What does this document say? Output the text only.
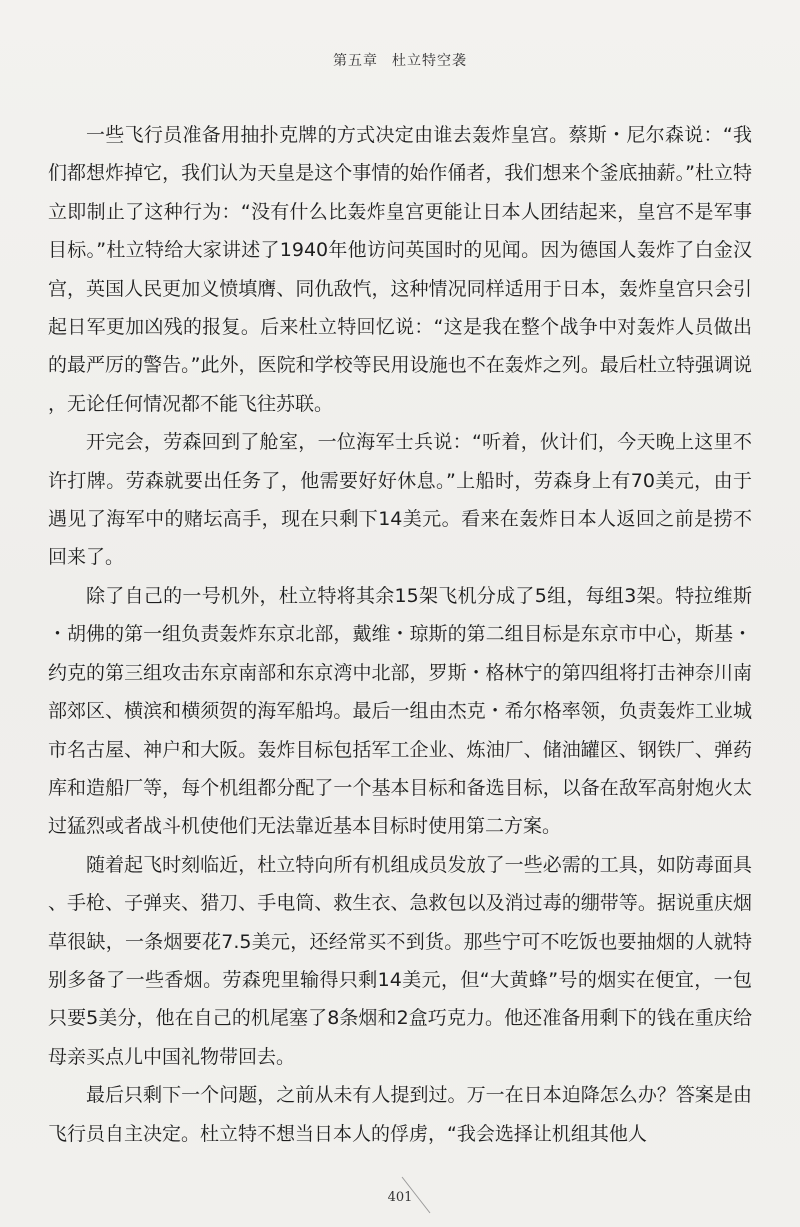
第五章 杜立特空袭

一些飞行员准备用抽扑克牌的方式决定由谁去轰炸皇宫。蔡斯・尼尔森说：“我们都想炸掉它，我们认为天皇是这个事情的始作俑者，我们想来个釜底抽薪。”杜立特立即制止了这种行为：“没有什么比轰炸皇宫更能让日本人团结起来，皇宫不是军事目标。”杜立特给大家讲述了1940年他访问英国时的见闻。因为德国人轰炸了白金汉宫，英国人民更加义愤填膺、同仇敌忾，这种情况同样适用于日本，轰炸皇宫只会引起日军更加凶残的报复。后来杜立特回忆说：“这是我在整个战争中对轰炸人员做出的最严厉的警告。”此外，医院和学校等民用设施也不在轰炸之列。最后杜立特强调说，无论任何情况都不能飞往苏联。

开完会，劳森回到了舱室，一位海军士兵说：“听着，伙计们，今天晚上这里不许打牌。劳森就要出任务了，他需要好好休息。”上船时，劳森身上有70美元，由于遇见了海军中的赌坛高手，现在只剩下14美元。看来在轰炸日本人返回之前是捞不回来了。

除了自己的一号机外，杜立特将其余15架飞机分成了5组，每组3架。特拉维斯・胡佛的第一组负责轰炸东京北部，戴维・琼斯的第二组目标是东京市中心，斯基・约克的第三组攻击东京南部和东京湾中北部，罗斯・格林宁的第四组将打击神奈川南部郊区、横滨和横须贺的海军船坞。最后一组由杰克・希尔格率领，负责轰炸工业城市名古屋、神户和大阪。轰炸目标包括军工企业、炼油厂、储油罐区、钢铁厂、弹药库和造船厂等，每个机组都分配了一个基本目标和备选目标，以备在敌军高射炮火太过猛烈或者战斗机使他们无法靠近基本目标时使用第二方案。

随着起飞时刻临近，杜立特向所有机组成员发放了一些必需的工具，如防毒面具、手枪、子弹夹、猎刀、手电筒、救生衣、急救包以及消过毒的绷带等。据说重庆烟草很缺，一条烟要花7.5美元，还经常买不到货。那些宁可不吃饭也要抽烟的人就特别多备了一些香烟。劳森兜里输得只剩14美元，但“大黄蜂”号的烟实在便宜，一包只要5美分，他在自己的机尾塞了8条烟和2盒巧克力。他还准备用剩下的钱在重庆给母亲买点儿中国礼物带回去。

最后只剩下一个问题，之前从未有人提到过。万一在日本迫降怎么办？答案是由飞行员自主决定。杜立特不想当日本人的俘虏，“我会选择让机组其他人

401
